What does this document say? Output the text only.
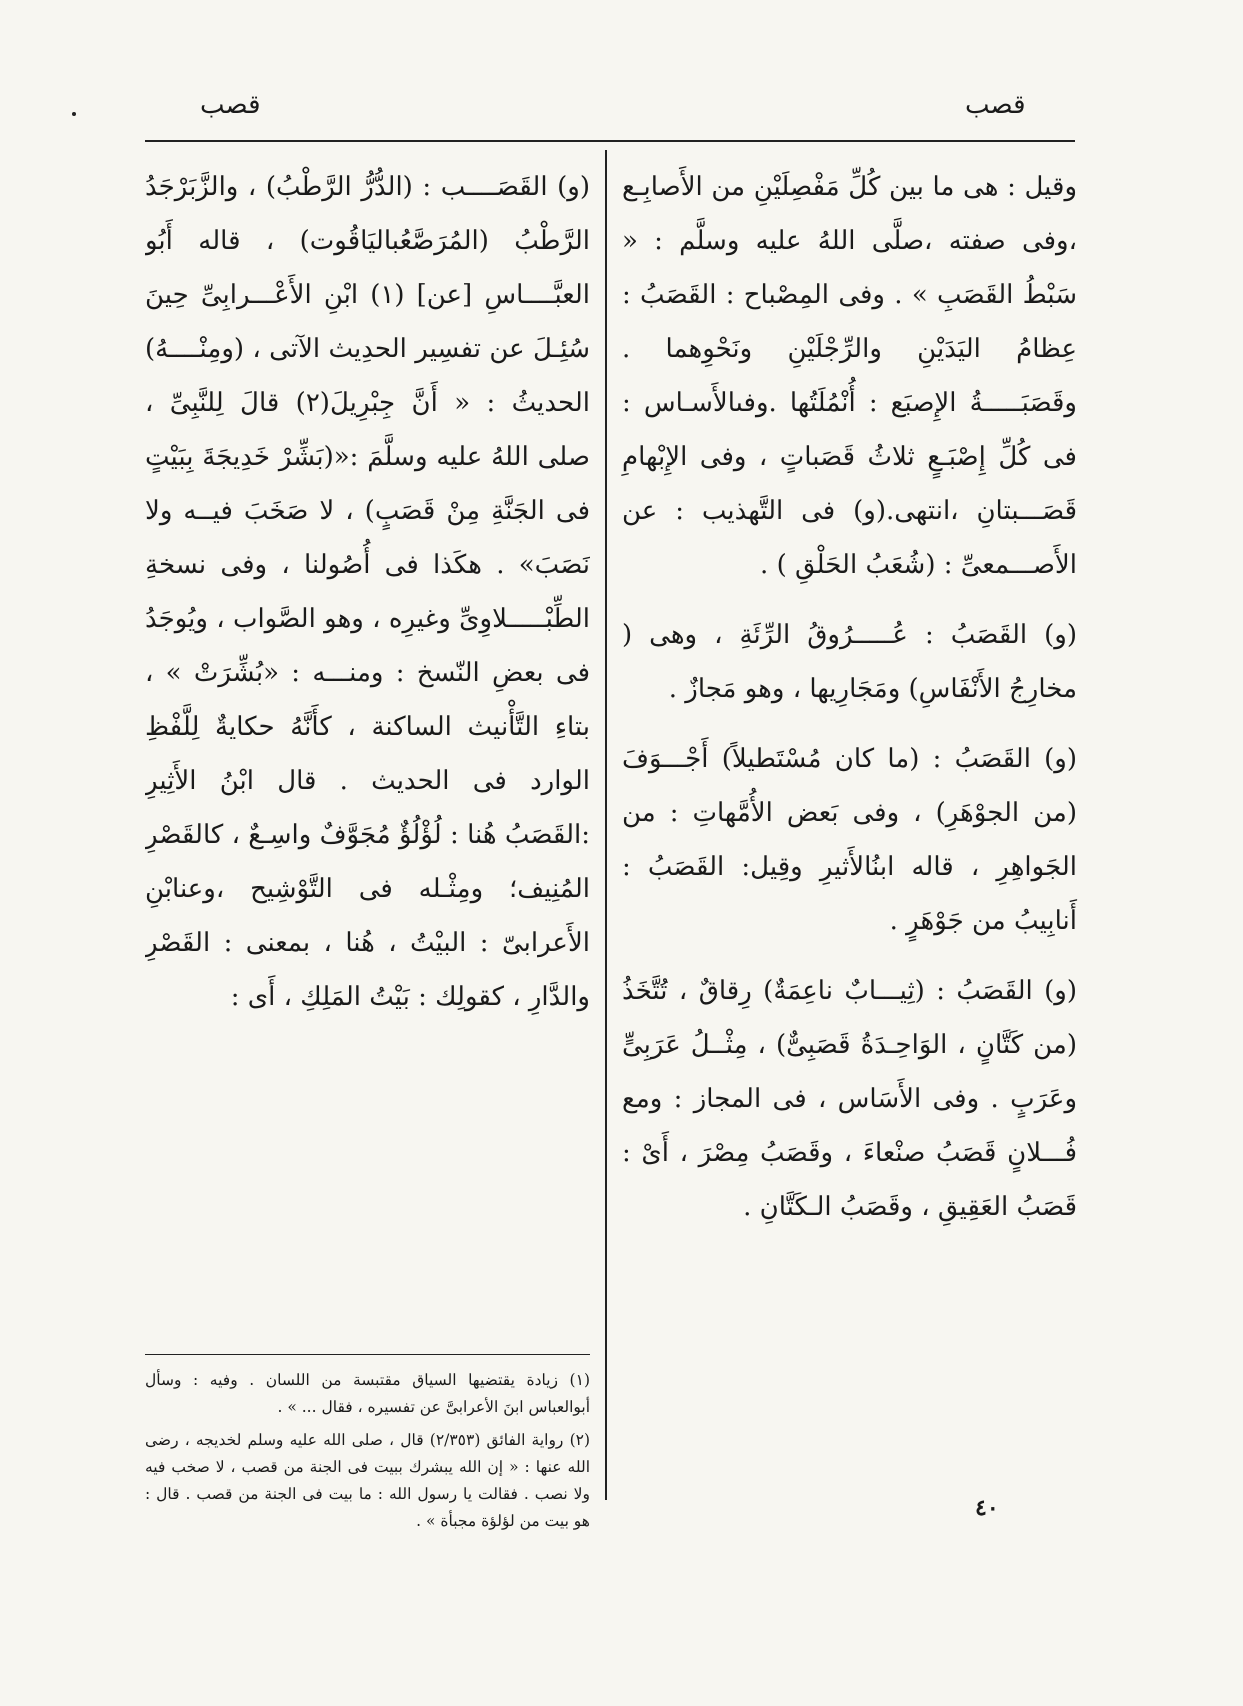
قصب	قصب

وقيل : هى ما بين كُلِّ مَفْصِلَيْنِ من الأَصابِـع ،وفى صفته ،صلَّى اللهُ عليه وسلَّم : « سَبْطُ القَصَبِ » . وفى المِصْباح : القَصَبُ : عِظامُ اليَدَيْنِ والرِّجْلَيْنِ ونَحْوِهما . وقَصَبَـــــةُ الإِصبَع : أُنْمُلَتُها .وفىالأَسـاس : فى كُلِّ إِصْبَـعٍ ثلاثُ قَصَباتٍ ، وفى الإِبْهامِ قَصَـــبتانِ ،انتهى.(و) فى التَّهذيب : عن الأَصـــمعىِّ : (شُعَبُ الحَلْقِ ) .

(و) القَصَبُ : عُـــــرُوقُ الرِّئَةِ ، وهى ( مخارِجُ الأَنْفَاسِ) ومَجَارِيها ، وهو مَجازٌ .

(و) القَصَبُ : (ما كان مُسْتَطيلاً) أَجْـــوَفَ (من الجوْهَرِ) ، وفى بَعض الأُمَّهاتِ : من الجَواهِرِ ، قاله ابنُالأَثيرِ وقِيل: القَصَبُ : أَنابِيبُ من جَوْهَرٍ .

(و) القَصَبُ : (ثِيـــابٌ ناعِمَةٌ) رِقاقٌ ، تُتَّخَذُ (من كَتَّانٍ ، الوَاحِـدَةُ قَصَبِىٌّ) ، مِثْــلُ عَرَبِىٍّ وعَرَبٍ . وفى الأَسَاس ، فى المجاز : ومع فُـــلانٍ قَصَبُ صنْعاءَ ، وقَصَبُ مِصْرَ ، أَىْ : قَصَبُ العَقِيقِ ، وقَصَبُ الـكَتَّانِ .

(و) القَصَــــب : (الدُّرُّ الرَّطْبُ) ، والزَّبَرْجَدُ الرَّطْبُ (المُرَصَّعُباليَاقُوت) ، قاله أَبُو العبَّــــاسِ [عن] (١) ابْنِ الأَعْـــرابِىِّ حِينَ سُئِـلَ عن تفسِير الحدِيث الآتى ، (ومِنْــــهُ) الحديثُ : « أَنَّ جِبْرِيلَ(٢) قالَ لِلنَّبِىِّ ، صلى اللهُ عليه وسلَّمَ :«(بَشِّرْ خَدِيجَةَ بِبَيْتٍ فى الجَنَّةِ مِنْ قَصَبٍ) ، لا صَخَبَ فيــه ولا نَصَبَ» . هكَذا فى أُصُولنا ، وفى نسخةِ الطِّبْـــــلاوِىِّ وغيرِه ، وهو الصَّواب ، ويُوجَدُ فى بعضِ النّسخ : ومنـــه : «بُشِّرَتْ » ، بتاءِ التَّأْنيث الساكنة ، كأَنَّهُ حكايةٌ لِلَّفْظِ الوارد فى الحديث . قال ابْنُ الأَثِيرِ :القَصَبُ هُنا : لُؤْلُؤٌ مُجَوَّفٌ واسِـعٌ ، كالقَصْرِ المُنِيف؛ ومِثْـله فى التَّوْشِيح ،وعنابْنِ الأَعرابىّ : البيْتُ ، هُنا ، بمعنى : القَصْرِ والدَّارِ ، كقولِك : بَيْتُ المَلِكِ ، أَى :

(١) زيادة يقتضيها السياق مقتبسة من اللسان . وفيه : وسأل أبوالعباس ابنَ الأعرابىَّ عن تفسيره ، فقال ... » .

(٢) رواية الفائق (٢/٣٥٣) قال ، صلى الله عليه وسلم لخديجه ، رضى الله عنها : « إن الله يبشرك ببيت فى الجنة من قصب ، لا صخب فيه ولا نصب . فقالت يا رسول الله : ما بيت فى الجنة من قصب . قال : هو بيت من لؤلؤة مجبأة » .	٤٠
